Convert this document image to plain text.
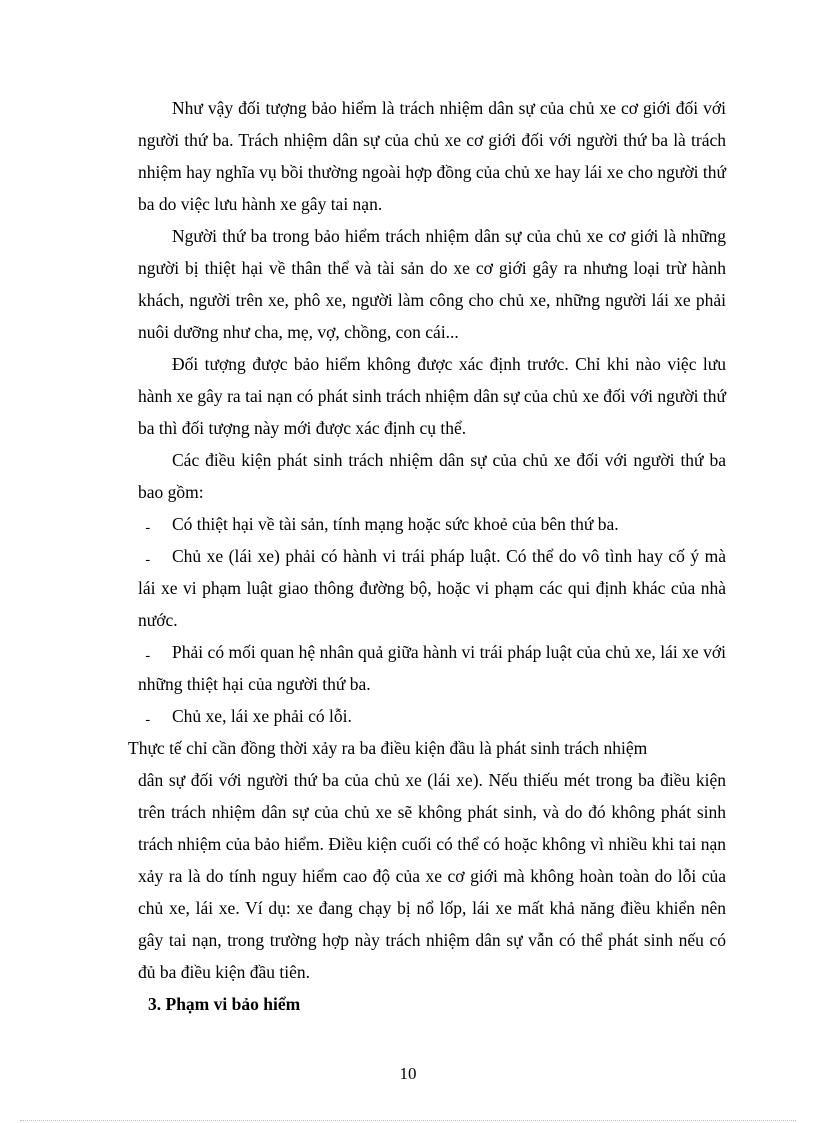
Như vậy đối tượng bảo hiểm là trách nhiệm dân sự của chủ xe cơ giới đối với người thứ ba. Trách nhiệm dân sự của chủ xe cơ giới đối với người thứ ba là trách nhiệm hay nghĩa vụ bồi thường ngoài hợp đồng của chủ xe hay lái xe cho người thứ ba do việc lưu hành xe gây tai nạn.

Người thứ ba trong bảo hiểm trách nhiệm dân sự của chủ xe cơ giới là những người bị thiệt hại về thân thể và tài sản do xe cơ giới gây ra nhưng loại trừ hành khách, người trên xe, phô xe, người làm công cho chủ xe, những người lái xe phải nuôi dưỡng như cha, mẹ, vợ, chồng, con cái...

Đối tượng được bảo hiểm không được xác định trước. Chỉ khi nào việc lưu hành xe gây ra tai nạn có phát sinh trách nhiệm dân sự của chủ xe đối với người thứ ba thì đối tượng này mới được xác định cụ thể.

Các điều kiện phát sinh trách nhiệm dân sự của chủ xe đối với người thứ ba bao gồm:

ـ Có thiệt hại về tài sản, tính mạng hoặc sức khoẻ của bên thứ ba.
ـ Chủ xe (lái xe) phải có hành vi trái pháp luật. Có thể do vô tình hay cố ý mà lái xe vi phạm luật giao thông đường bộ, hoặc vi phạm các qui định khác của nhà nước.
ـ Phải có mối quan hệ nhân quả giữa hành vi trái pháp luật của chủ xe, lái xe với những thiệt hại của người thứ ba.
ـ Chủ xe, lái xe phải có lỗi.
Thực tế chỉ cần đồng thời xảy ra ba điều kiện đầu là phát sinh trách nhiệm
dân sự đối với người thứ ba của chủ xe (lái xe). Nếu thiếu mét trong ba điều kiện trên trách nhiệm dân sự của chủ xe sẽ không phát sinh, và do đó không phát sinh trách nhiệm của bảo hiểm. Điều kiện cuối có thể có hoặc không vì nhiều khi tai nạn xảy ra là do tính nguy hiểm cao độ của xe cơ giới mà không hoàn toàn do lỗi của chủ xe, lái xe. Ví dụ: xe đang chạy bị nổ lốp, lái xe mất khả năng điều khiển nên gây tai nạn, trong trường hợp này trách nhiệm dân sự vẫn có thể phát sinh nếu có đủ ba điều kiện đầu tiên.

3. Phạm vi bảo hiểm

10
